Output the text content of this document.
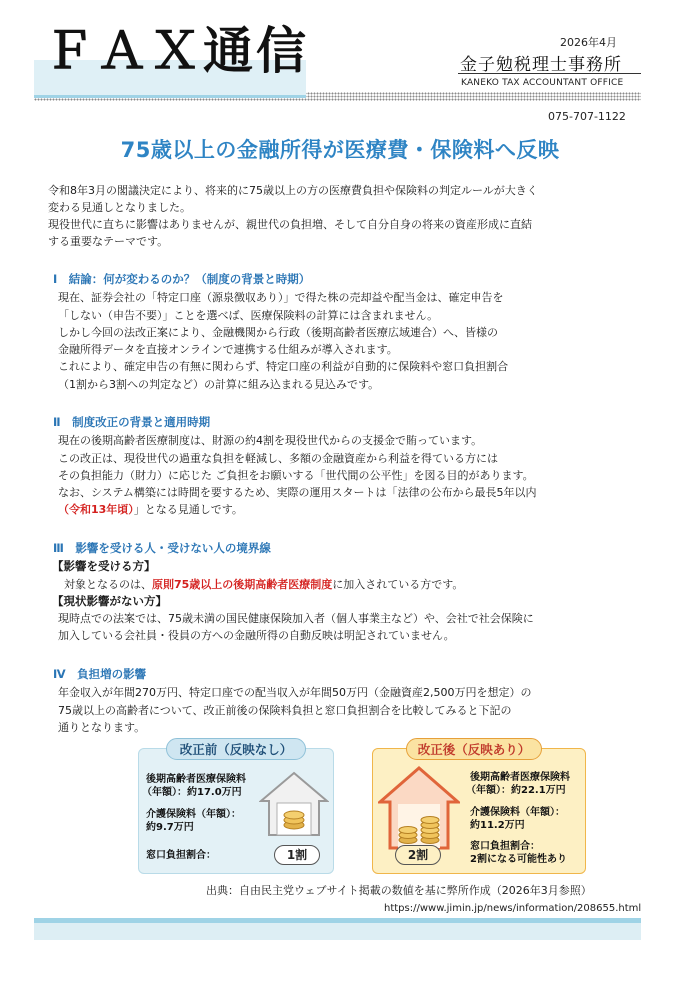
ＦＡＸ通信	2026年4月
金子勉税理士事務所
KANEKO TAX ACCOUNTANT OFFICE
075-707-1122
75歳以上の金融所得が医療費・保険料へ反映
令和8年3月の閣議決定により、将来的に75歳以上の方の医療費負担や保険料の判定ルールが大きく
変わる見通しとなりました。
現役世代に直ちに影響はありませんが、親世代の負担増、そして自分自身の将来の資産形成に直結
する重要なテーマです。
Ⅰ　結論：何が変わるのか？（制度の背景と時期）
現在、証券会社の「特定口座（源泉徴収あり）」で得た株の売却益や配当金は、確定申告を
「しない（申告不要）」ことを選べば、医療保険料の計算には含まれません。
しかし今回の法改正案により、金融機関から行政（後期高齢者医療広域連合）へ、皆様の
金融所得データを直接オンラインで連携する仕組みが導入されます。
これにより、確定申告の有無に関わらず、特定口座の利益が自動的に保険料や窓口負担割合
（1割から3割への判定など）の計算に組み込まれる見込みです。
Ⅱ　制度改正の背景と適用時期
現在の後期高齢者医療制度は、財源の約4割を現役世代からの支援金で賄っています。
この改正は、現役世代の過重な負担を軽減し、多額の金融資産から利益を得ている方には
その負担能力（財力）に応じた ご負担をお願いする「世代間の公平性」を図る目的があります。
なお、システム構築には時間を要するため、実際の運用スタートは「法律の公布から最長5年以内
（令和13年頃）」となる見通しです。
Ⅲ　影響を受ける人・受けない人の境界線
【影響を受ける方】
対象となるのは、原則75歳以上の後期高齢者医療制度に加入されている方です。
【現状影響がない方】
現時点での法案では、75歳未満の国民健康保険加入者（個人事業主など）や、会社で社会保険に
加入している会社員・役員の方への金融所得の自動反映は明記されていません。
Ⅳ　負担増の影響
年金収入が年間270万円、特定口座での配当収入が年間50万円（金融資産2,500万円を想定）の
75歳以上の高齢者について、改正前後の保険料負担と窓口負担割合を比較してみると下記の
通りとなります。
改正前（反映なし）
後期高齢者医療保険料
（年額）：約17.0万円
介護保険料（年額）：
約9.7万円
窓口負担割合：	1割
改正後（反映あり）
2割
後期高齢者医療保険料
（年額）：約22.1万円
介護保険料（年額）：
約11.2万円
窓口負担割合：
2割になる可能性あり
出典：自由民主党ウェブサイト掲載の数値を基に弊所作成（2026年3月参照）
https://www.jimin.jp/news/information/208655.html
